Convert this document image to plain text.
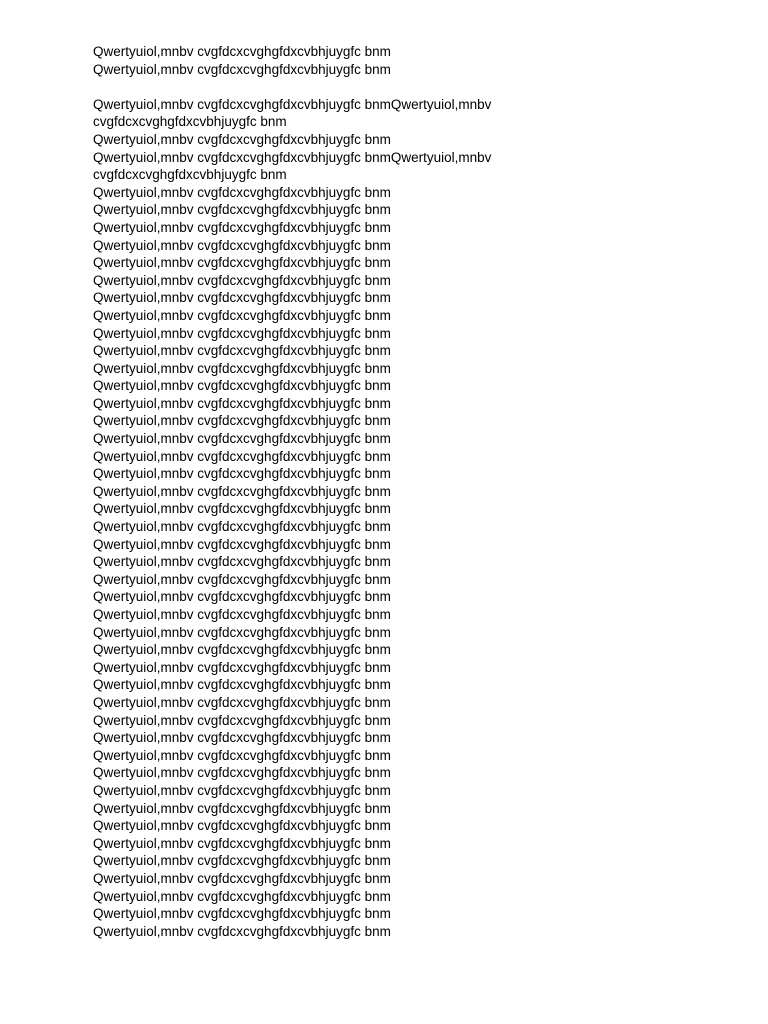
Qwertyuiol,mnbv cvgfdcxcvghgfdxcvbhjuygfc bnm
Qwertyuiol,mnbv cvgfdcxcvghgfdxcvbhjuygfc bnm
Qwertyuiol,mnbv cvgfdcxcvghgfdxcvbhjuygfc bnmQwertyuiol,mnbv cvgfdcxcvghgfdxcvbhjuygfc bnm
Qwertyuiol,mnbv cvgfdcxcvghgfdxcvbhjuygfc bnm
Qwertyuiol,mnbv cvgfdcxcvghgfdxcvbhjuygfc bnmQwertyuiol,mnbv cvgfdcxcvghgfdxcvbhjuygfc bnm
Qwertyuiol,mnbv cvgfdcxcvghgfdxcvbhjuygfc bnm
Qwertyuiol,mnbv cvgfdcxcvghgfdxcvbhjuygfc bnm
Qwertyuiol,mnbv cvgfdcxcvghgfdxcvbhjuygfc bnm
Qwertyuiol,mnbv cvgfdcxcvghgfdxcvbhjuygfc bnm
Qwertyuiol,mnbv cvgfdcxcvghgfdxcvbhjuygfc bnm
Qwertyuiol,mnbv cvgfdcxcvghgfdxcvbhjuygfc bnm
Qwertyuiol,mnbv cvgfdcxcvghgfdxcvbhjuygfc bnm
Qwertyuiol,mnbv cvgfdcxcvghgfdxcvbhjuygfc bnm
Qwertyuiol,mnbv cvgfdcxcvghgfdxcvbhjuygfc bnm
Qwertyuiol,mnbv cvgfdcxcvghgfdxcvbhjuygfc bnm
Qwertyuiol,mnbv cvgfdcxcvghgfdxcvbhjuygfc bnm
Qwertyuiol,mnbv cvgfdcxcvghgfdxcvbhjuygfc bnm
Qwertyuiol,mnbv cvgfdcxcvghgfdxcvbhjuygfc bnm
Qwertyuiol,mnbv cvgfdcxcvghgfdxcvbhjuygfc bnm
Qwertyuiol,mnbv cvgfdcxcvghgfdxcvbhjuygfc bnm
Qwertyuiol,mnbv cvgfdcxcvghgfdxcvbhjuygfc bnm
Qwertyuiol,mnbv cvgfdcxcvghgfdxcvbhjuygfc bnm
Qwertyuiol,mnbv cvgfdcxcvghgfdxcvbhjuygfc bnm
Qwertyuiol,mnbv cvgfdcxcvghgfdxcvbhjuygfc bnm
Qwertyuiol,mnbv cvgfdcxcvghgfdxcvbhjuygfc bnm
Qwertyuiol,mnbv cvgfdcxcvghgfdxcvbhjuygfc bnm
Qwertyuiol,mnbv cvgfdcxcvghgfdxcvbhjuygfc bnm
Qwertyuiol,mnbv cvgfdcxcvghgfdxcvbhjuygfc bnm
Qwertyuiol,mnbv cvgfdcxcvghgfdxcvbhjuygfc bnm
Qwertyuiol,mnbv cvgfdcxcvghgfdxcvbhjuygfc bnm
Qwertyuiol,mnbv cvgfdcxcvghgfdxcvbhjuygfc bnm
Qwertyuiol,mnbv cvgfdcxcvghgfdxcvbhjuygfc bnm
Qwertyuiol,mnbv cvgfdcxcvghgfdxcvbhjuygfc bnm
Qwertyuiol,mnbv cvgfdcxcvghgfdxcvbhjuygfc bnm
Qwertyuiol,mnbv cvgfdcxcvghgfdxcvbhjuygfc bnm
Qwertyuiol,mnbv cvgfdcxcvghgfdxcvbhjuygfc bnm
Qwertyuiol,mnbv cvgfdcxcvghgfdxcvbhjuygfc bnm
Qwertyuiol,mnbv cvgfdcxcvghgfdxcvbhjuygfc bnm
Qwertyuiol,mnbv cvgfdcxcvghgfdxcvbhjuygfc bnm
Qwertyuiol,mnbv cvgfdcxcvghgfdxcvbhjuygfc bnm
Qwertyuiol,mnbv cvgfdcxcvghgfdxcvbhjuygfc bnm
Qwertyuiol,mnbv cvgfdcxcvghgfdxcvbhjuygfc bnm
Qwertyuiol,mnbv cvgfdcxcvghgfdxcvbhjuygfc bnm
Qwertyuiol,mnbv cvgfdcxcvghgfdxcvbhjuygfc bnm
Qwertyuiol,mnbv cvgfdcxcvghgfdxcvbhjuygfc bnm
Qwertyuiol,mnbv cvgfdcxcvghgfdxcvbhjuygfc bnm
Qwertyuiol,mnbv cvgfdcxcvghgfdxcvbhjuygfc bnm
Qwertyuiol,mnbv cvgfdcxcvghgfdxcvbhjuygfc bnm
